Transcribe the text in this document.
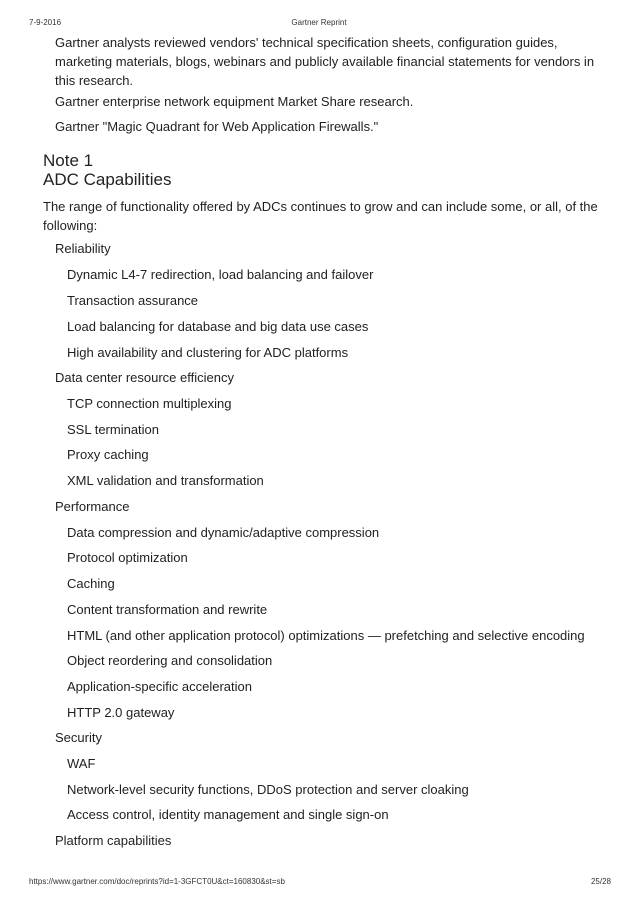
7-9-2016	Gartner Reprint
Gartner analysts reviewed vendors' technical specification sheets, configuration guides, marketing materials, blogs, webinars and publicly available financial statements for vendors in this research.
Gartner enterprise network equipment Market Share research.
Gartner "Magic Quadrant for Web Application Firewalls."
Note 1
ADC Capabilities
The range of functionality offered by ADCs continues to grow and can include some, or all, of the following:
Reliability
Dynamic L4-7 redirection, load balancing and failover
Transaction assurance
Load balancing for database and big data use cases
High availability and clustering for ADC platforms
Data center resource efficiency
TCP connection multiplexing
SSL termination
Proxy caching
XML validation and transformation
Performance
Data compression and dynamic/adaptive compression
Protocol optimization
Caching
Content transformation and rewrite
HTML (and other application protocol) optimizations — prefetching and selective encoding
Object reordering and consolidation
Application-specific acceleration
HTTP 2.0 gateway
Security
WAF
Network-level security functions, DDoS protection and server cloaking
Access control, identity management and single sign-on
Platform capabilities
https://www.gartner.com/doc/reprints?id=1-3GFCT0U&ct=160830&st=sb	25/28
